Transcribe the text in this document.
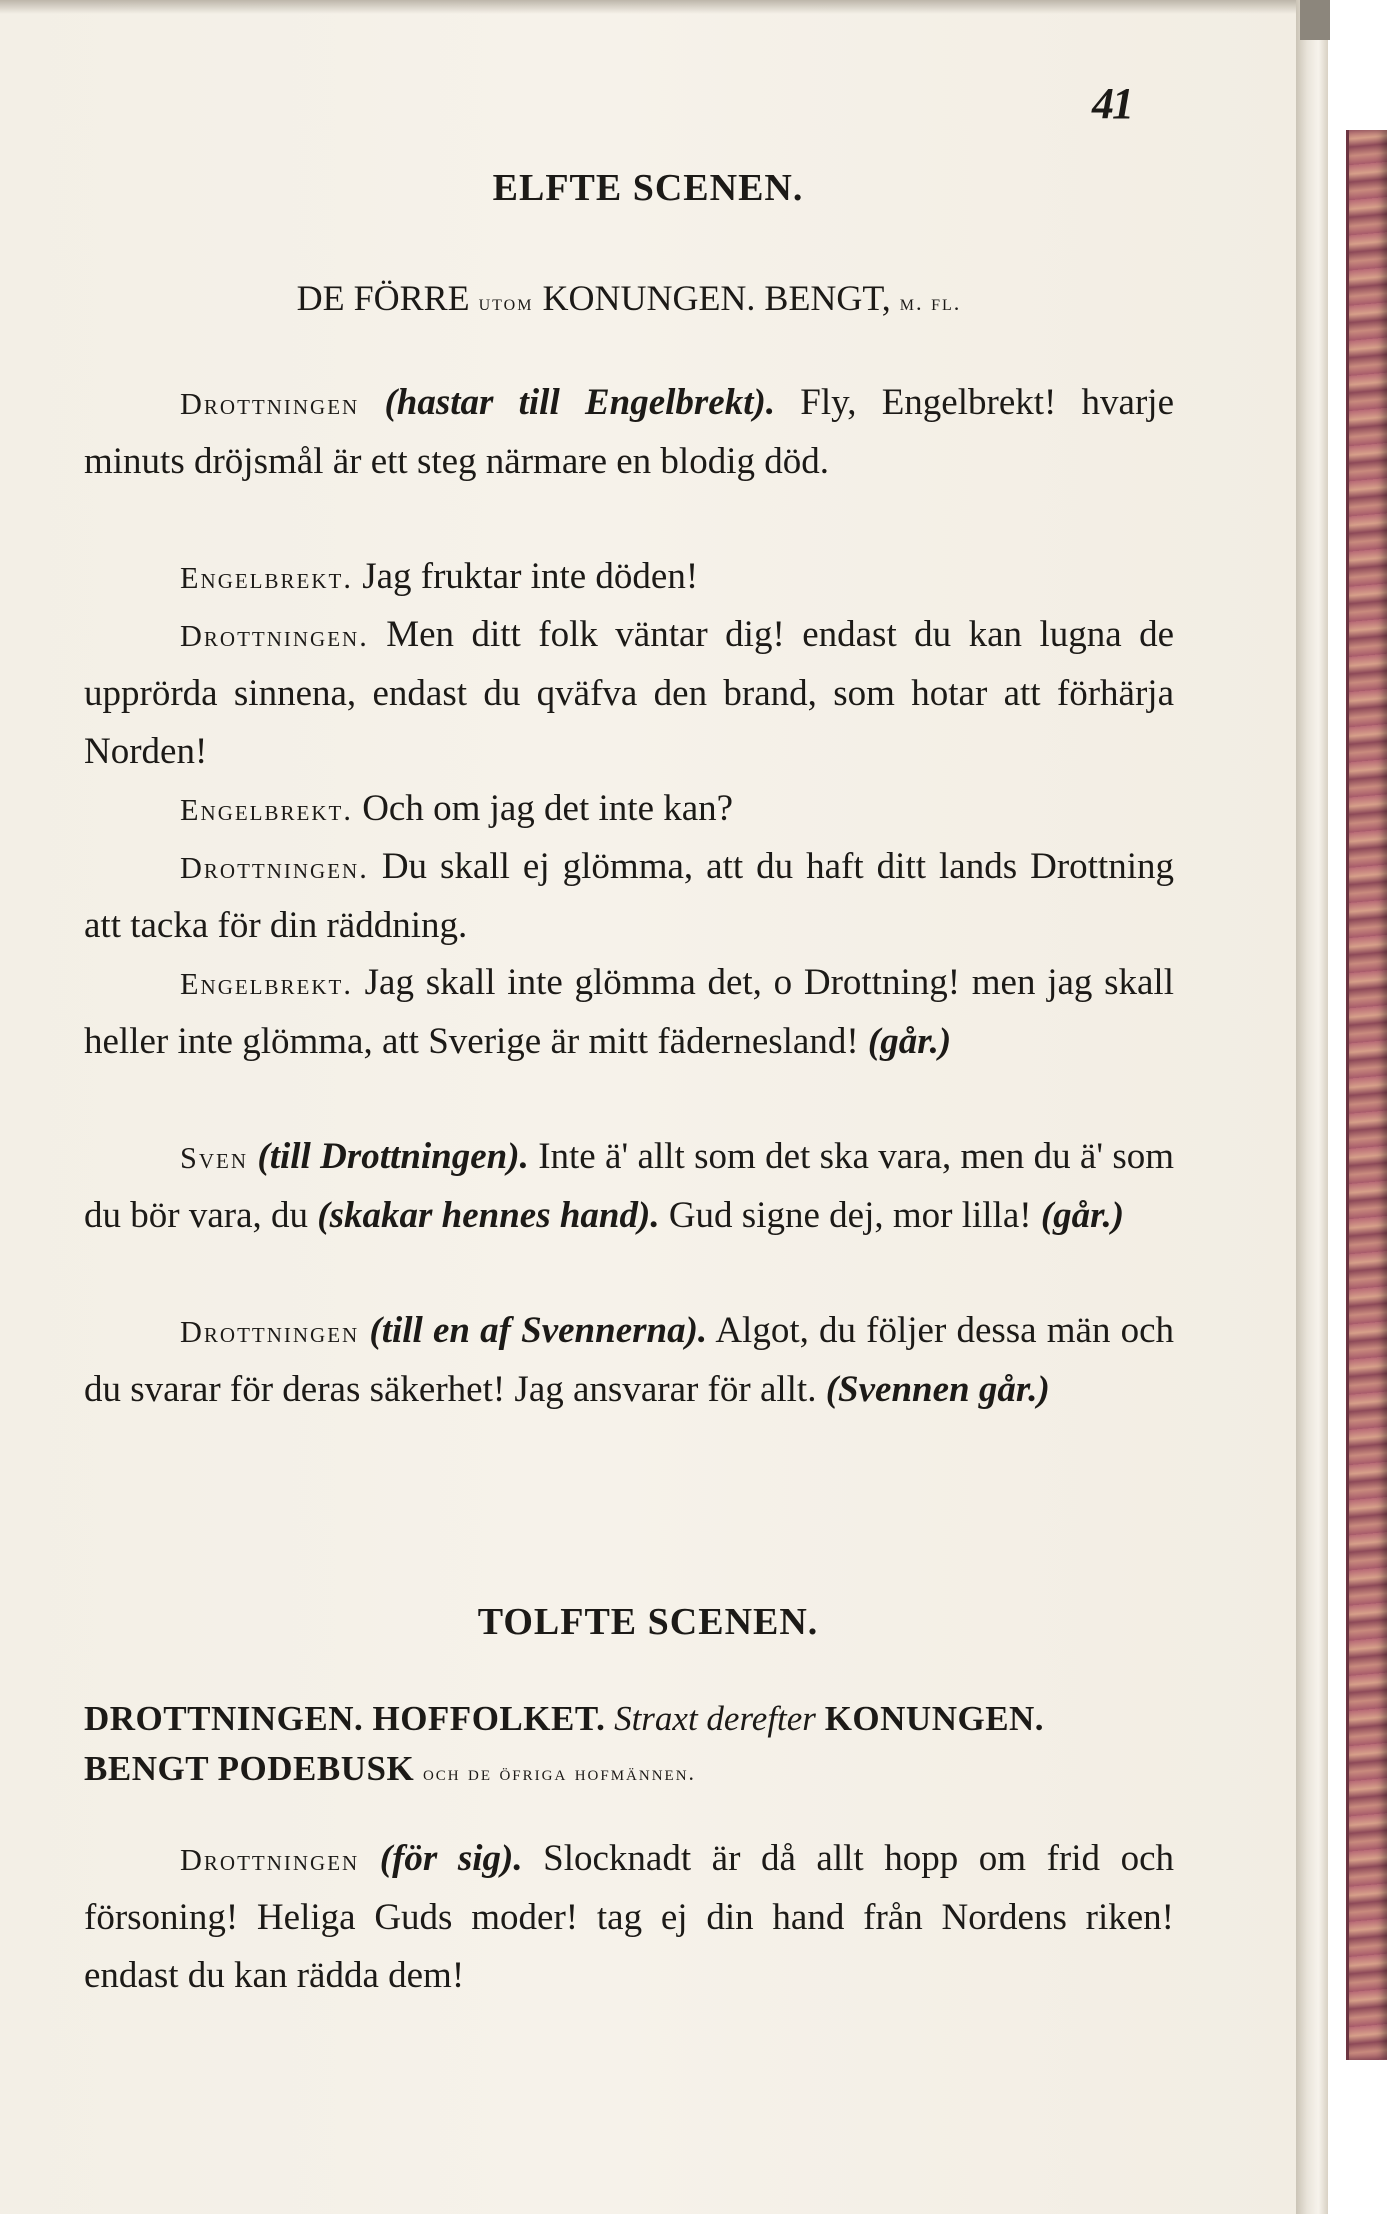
41
ELFTE SCENEN.
DE FÖRRE utom KONUNGEN. BENGT, m. fl.

Drottningen (hastar till Engelbrekt). Fly, Engelbrekt! hvarje minuts dröjsmål är ett steg närmare en blodig död.

Engelbrekt. Jag fruktar inte döden!

Drottningen. Men ditt folk väntar dig! endast du kan lugna de upprörda sinnena, endast du qväfva den brand, som hotar att förhärja Norden!

Engelbrekt. Och om jag det inte kan?

Drottningen. Du skall ej glömma, att du haft ditt lands Drottning att tacka för din räddning.

Engelbrekt. Jag skall inte glömma det, o Drottning! men jag skall heller inte glömma, att Sverige är mitt fädernesland! (går.)

Sven (till Drottningen). Inte ä' allt som det ska vara, men du ä' som du bör vara, du (skakar hennes hand). Gud signe dej, mor lilla! (går.)

Drottningen (till en af Svennerna). Algot, du följer dessa män och du svarar för deras säkerhet! Jag ansvarar för allt. (Svennen går.)

TOLFTE SCENEN.
DROTTNINGEN. HOFFOLKET. Straxt derefter KONUNGEN. BENGT PODEBUSK och de öfriga hofmännen.

Drottningen (för sig). Slocknadt är då allt hopp om frid och försoning! Heliga Guds moder! tag ej din hand från Nordens riken! endast du kan rädda dem!
